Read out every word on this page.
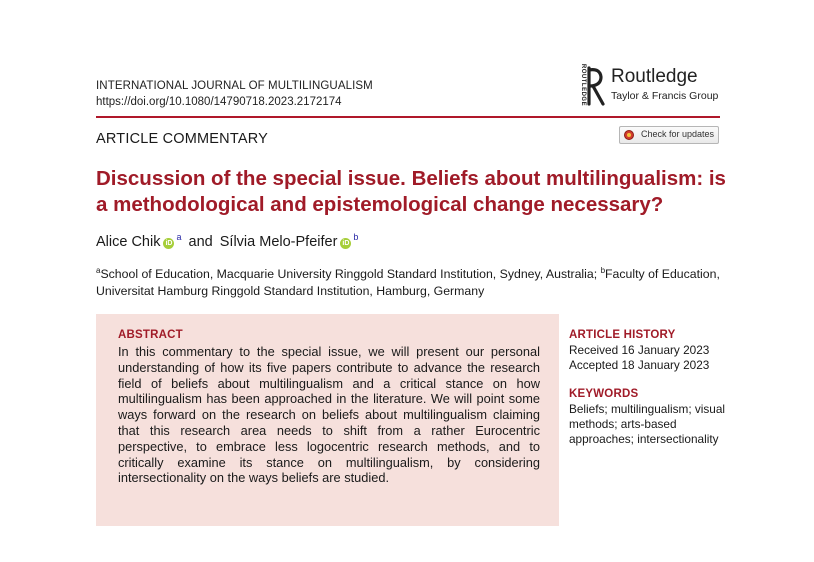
INTERNATIONAL JOURNAL OF MULTILINGUALISM
https://doi.org/10.1080/14790718.2023.2172174	ROUTLEDGE Routledge
Taylor & Francis Group
ARTICLE COMMENTARY	Check for updates
Discussion of the special issue. Beliefs about multilingualism: is a methodological and epistemological change necessary?
Alice Chik $iD^a$ and Sílvia Melo-Pfeifer $iD^b$
$^a$School of Education, Macquarie University Ringgold Standard Institution, Sydney, Australia; $^b$Faculty of Education, Universitat Hamburg Ringgold Standard Institution, Hamburg, Germany
ABSTRACT
In this commentary to the special issue, we will present our personal understanding of how its five papers contribute to advance the research field of beliefs about multilingualism and a critical stance on how multilingualism has been approached in the literature. We will point some ways forward on the research on beliefs about multilingualism claiming that this research area needs to shift from a rather Eurocentric perspective, to embrace less logocentric research methods, and to critically examine its stance on multilingualism, by considering intersectionality on the ways beliefs are studied.
ARTICLE HISTORY
Received 16 January 2023
Accepted 18 January 2023
KEYWORDS
Beliefs; multilingualism; visual methods; arts-based approaches; intersectionality
